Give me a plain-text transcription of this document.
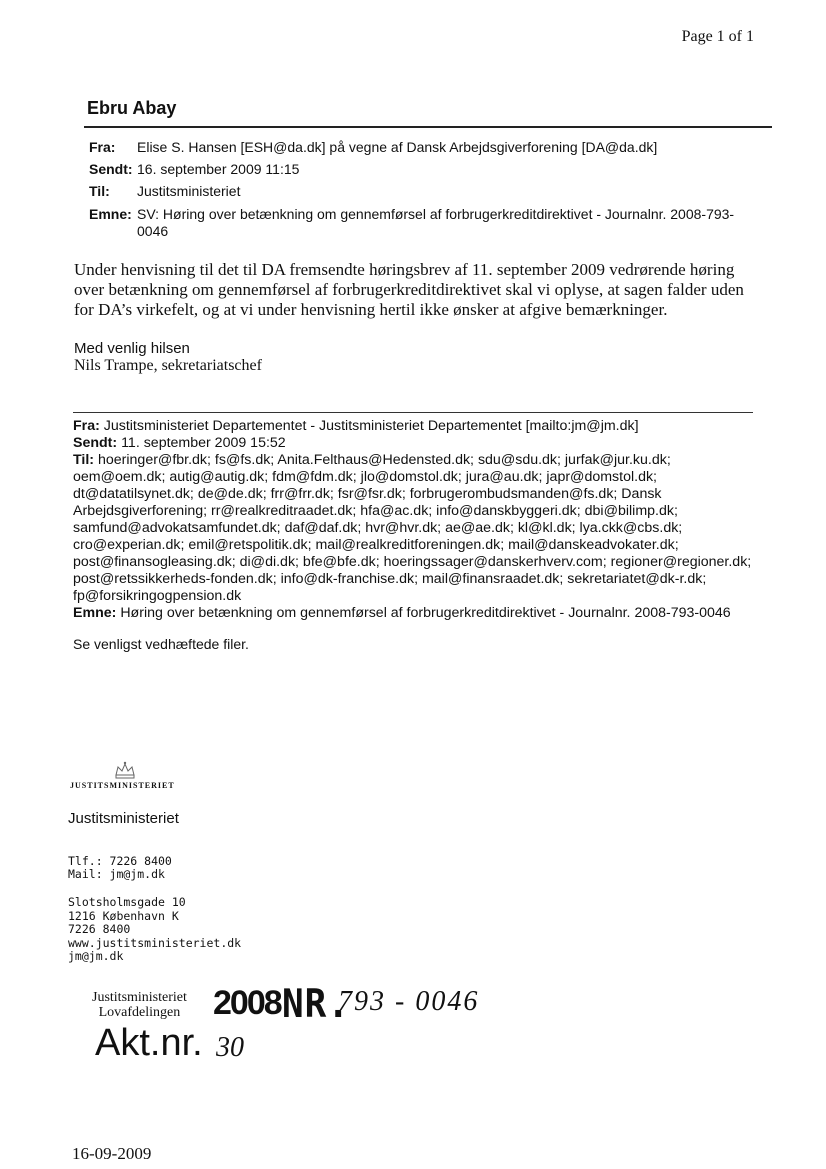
Page 1 of 1
Ebru Abay
Fra: Elise S. Hansen [ESH@da.dk] på vegne af Dansk Arbejdsgiverforening [DA@da.dk]
Sendt: 16. september 2009 11:15
Til: Justitsministeriet
Emne: SV: Høring over betænkning om gennemførsel af forbrugerkreditdirektivet - Journalnr. 2008-793-
0046
Under henvisning til det til DA fremsendte høringsbrev af 11. september 2009 vedrørende høring
over betænkning om gennemførsel af forbrugerkreditdirektivet skal vi oplyse, at sagen falder uden
for DA’s virkefelt, og at vi under henvisning hertil ikke ønsker at afgive bemærkninger.
Med venlig hilsen
Nils Trampe, sekretariatschef
Fra: Justitsministeriet Departementet - Justitsministeriet Departementet [mailto:jm@jm.dk]
Sendt: 11. september 2009 15:52
Til: hoeringer@fbr.dk; fs@fs.dk; Anita.Felthaus@Hedensted.dk; sdu@sdu.dk; jurfak@jur.ku.dk;
oem@oem.dk; autig@autig.dk; fdm@fdm.dk; jlo@domstol.dk; jura@au.dk; japr@domstol.dk;
dt@datatilsynet.dk; de@de.dk; frr@frr.dk; fsr@fsr.dk; forbrugerombudsmanden@fs.dk; Dansk
Arbejdsgiverforening; rr@realkreditraadet.dk; hfa@ac.dk; info@danskbyggeri.dk; dbi@bilimp.dk;
samfund@advokatsamfundet.dk; daf@daf.dk; hvr@hvr.dk; ae@ae.dk; kl@kl.dk; lya.ckk@cbs.dk;
cro@experian.dk; emil@retspolitik.dk; mail@realkreditforeningen.dk; mail@danskeadvokater.dk;
post@finansogleasing.dk; di@di.dk; bfe@bfe.dk; hoeringssager@danskerhverv.com; regioner@regioner.dk;
post@retssikkerheds-fonden.dk; info@dk-franchise.dk; mail@finansraadet.dk; sekretariatet@dk-r.dk;
fp@forsikringogpension.dk
Emne: Høring over betænkning om gennemførsel af forbrugerkreditdirektivet - Journalnr. 2008-793-0046
Se venligst vedhæftede filer.
JUSTITSMINISTERIET
Justitsministeriet
Tlf.: 7226 8400
Mail: jm@jm.dk
Slotsholmsgade 10
1216 København K
7226 8400
www.justitsministeriet.dk
jm@jm.dk
Justitsministeriet
Lovafdelingen 2008 NR.
793 - 0046
Akt.nr. 30
16-09-2009
